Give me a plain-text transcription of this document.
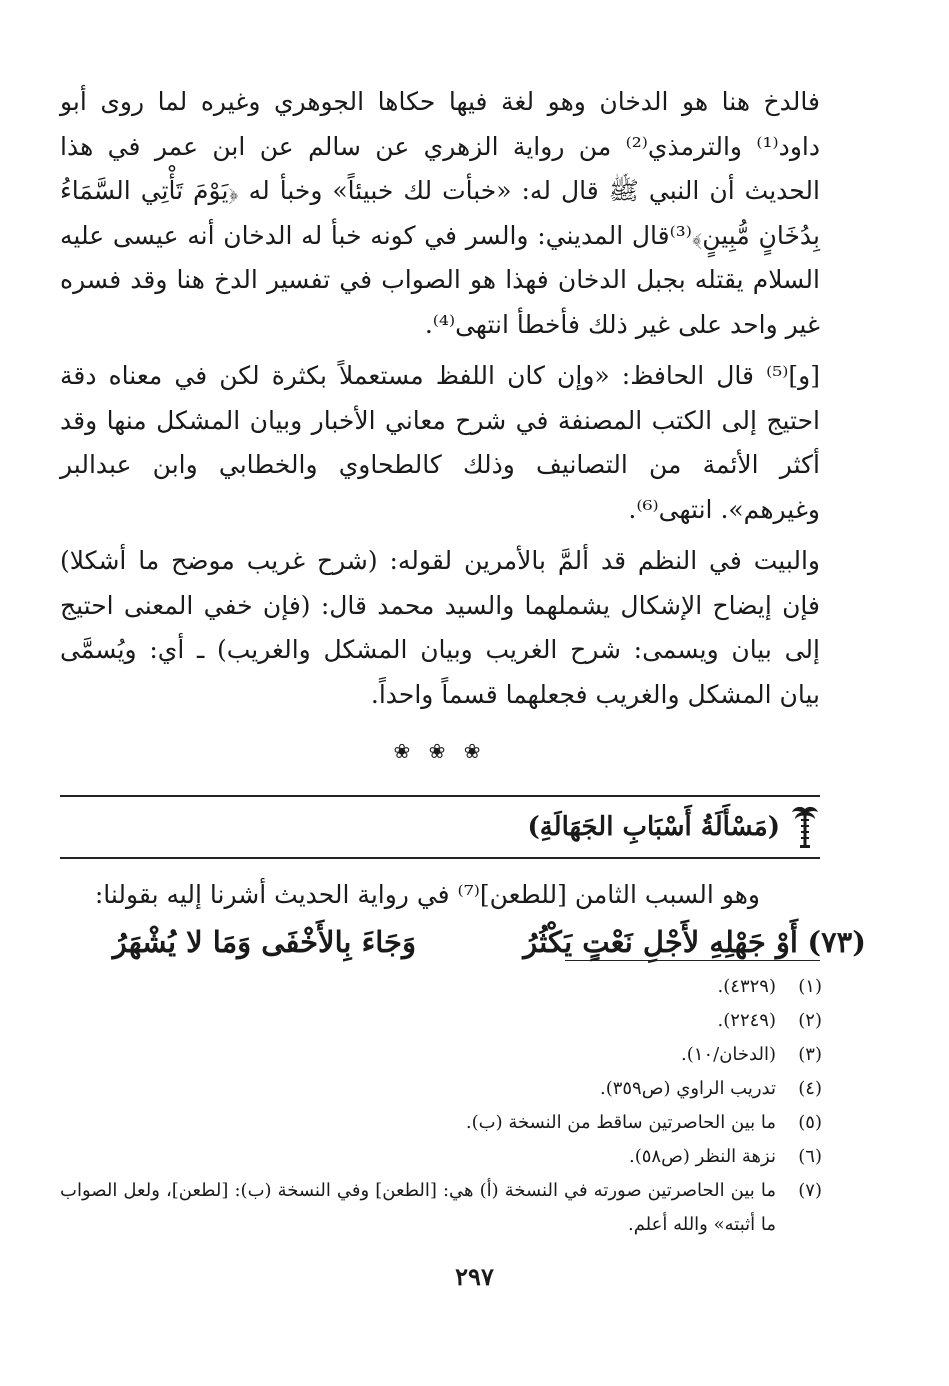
فالدخ هنا هو الدخان وهو لغة فيها حكاها الجوهري وغيره لما روى أبو داود⁽¹⁾ والترمذي⁽²⁾ من رواية الزهري عن سالم عن ابن عمر في هذا الحديث أن النبي ﷺ قال له: «خبأت لك خبيئاً» وخبأ له ﴿يَوْمَ تَأْتِي السَّمَاءُ بِدُخَانٍ مُّبِينٍ﴾⁽³⁾قال المديني: والسر في كونه خبأ له الدخان أنه عيسى عليه السلام يقتله بجبل الدخان فهذا هو الصواب في تفسير الدخ هنا وقد فسره غير واحد على غير ذلك فأخطأ انتهى⁽⁴⁾.

[و]⁽⁵⁾ قال الحافظ: «وإن كان اللفظ مستعملاً بكثرة لكن في معناه دقة احتيج إلى الكتب المصنفة في شرح معاني الأخبار وبيان المشكل منها وقد أكثر الأئمة من التصانيف وذلك كالطحاوي والخطابي وابن عبدالبر وغيرهم». انتهى⁽⁶⁾.

والبيت في النظم قد ألمَّ بالأمرين لقوله: (شرح غريب موضح ما أشكلا) فإن إيضاح الإشكال يشملهما والسيد محمد قال: (فإن خفي المعنى احتيج إلى بيان ويسمى: شرح الغريب وبيان المشكل والغريب) ـ أي: ويُسمَّى بيان المشكل والغريب فجعلهما قسماً واحداً.

❀ ❀ ❀
(مَسْأَلَةُ أَسْبَابِ الجَهَالَةِ)
وهو السبب الثامن [للطعن]⁽⁷⁾ في رواية الحديث أشرنا إليه بقولنا:
(٧٣)
أَوْ جَهْلِهِ لأَجْلِ نَعْتٍ يَكْثُرُ
وَجَاءَ بِالأَخْفَى وَمَا لا يُشْهَرُ
(١)
(٤٣٢٩).
(٢)
(٢٢٤٩).
(٣)
(الدخان/١٠).
(٤)
تدريب الراوي (ص٣٥٩).
(٥)
ما بين الحاصرتين ساقط من النسخة (ب).
(٦)
نزهة النظر (ص٥٨).
(٧)
ما بين الحاصرتين صورته في النسخة (أ) هي: [الطعن] وفي النسخة (ب): [لطعن]، ولعل الصواب ما أثبته» والله أعلم.
٢٩٧
